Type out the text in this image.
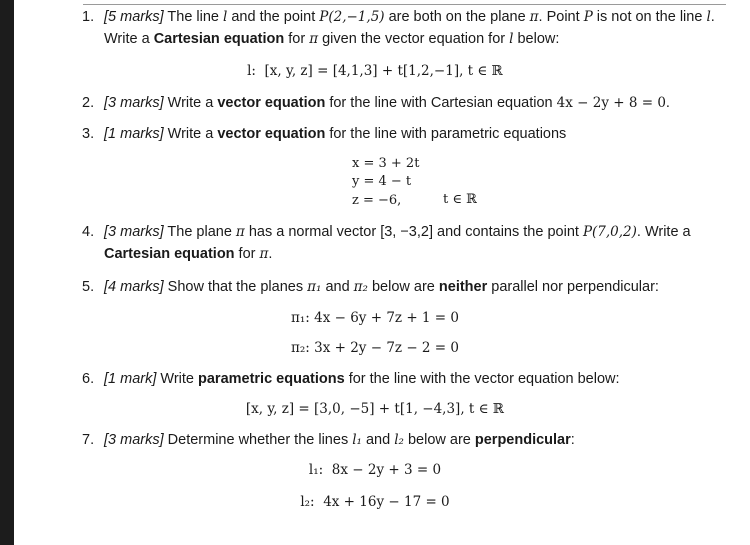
1. [5 marks] The line l and the point P(2,−1,5) are both on the plane π. Point P is not on the line l. Write a Cartesian equation for π given the vector equation for l below:
l:  [x, y, z] = [4,1,3] + t[1,2,−1], t ∈ ℝ
2. [3 marks] Write a vector equation for the line with Cartesian equation 4x − 2y + 8 = 0.
3. [1 marks] Write a vector equation for the line with parametric equations
x = 3 + 2t
y = 4 − t
z = −6,	t ∈ ℝ
4. [3 marks] The plane π has a normal vector [3, −3,2] and contains the point P(7,0,2). Write a
Cartesian equation for π.
5. [4 marks] Show that the planes π₁ and π₂ below are neither parallel nor perpendicular:
π₁: 4x − 6y + 7z + 1 = 0
π₂: 3x + 2y − 7z − 2 = 0
6. [1 mark] Write parametric equations for the line with the vector equation below:
[x, y, z] = [3,0, −5] + t[1, −4,3], t ∈ ℝ
7. [3 marks] Determine whether the lines l₁ and l₂ below are perpendicular:
l₁:  8x − 2y + 3 = 0
l₂:  4x + 16y − 17 = 0
